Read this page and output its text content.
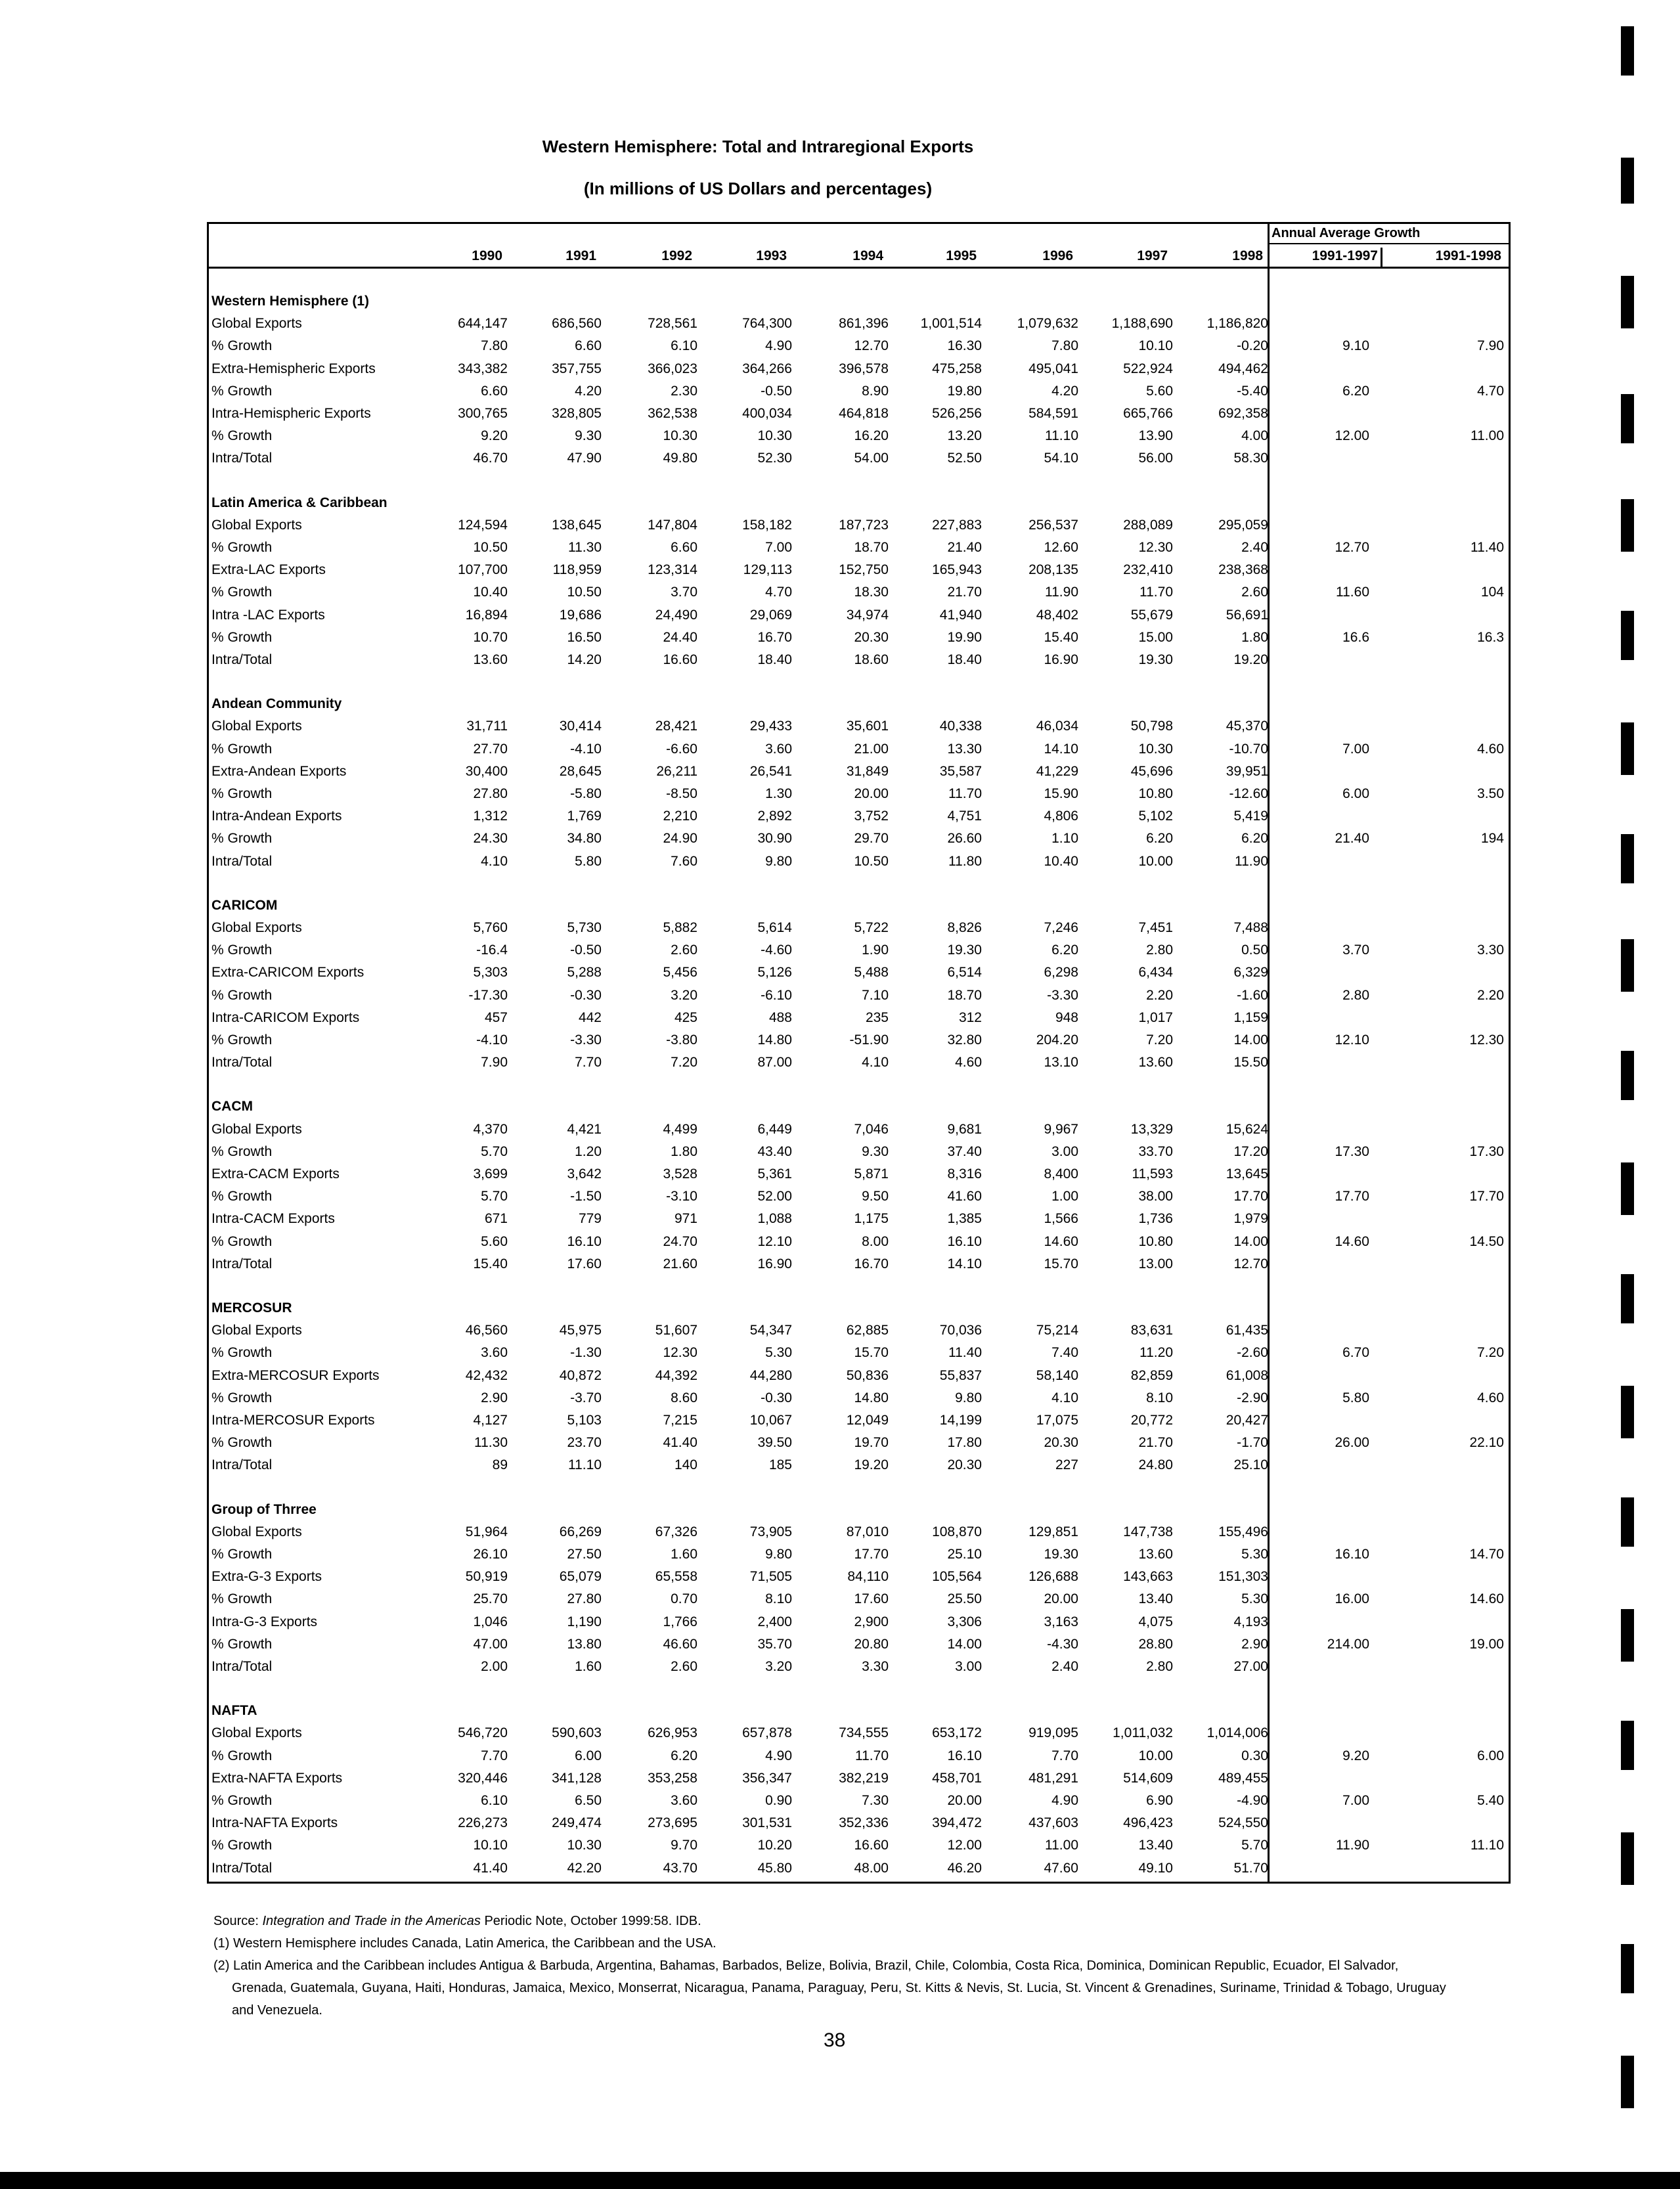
Western Hemisphere: Total and Intraregional Exports
(In millions of US Dollars and percentages)
Annual Average Growth
1990	1991	1992	1993	1994	1995	1996	1997	1998	1991-1997	1991-1998
Western Hemisphere (1)
Global Exports	644,147	686,560	728,561	764,300	861,396	1,001,514	1,079,632	1,188,690	1,186,820
% Growth	7.80	6.60	6.10	4.90	12.70	16.30	7.80	10.10	-0.20	9.10	7.90
Extra-Hemispheric Exports	343,382	357,755	366,023	364,266	396,578	475,258	495,041	522,924	494,462
% Growth	6.60	4.20	2.30	-0.50	8.90	19.80	4.20	5.60	-5.40	6.20	4.70
Intra-Hemispheric Exports	300,765	328,805	362,538	400,034	464,818	526,256	584,591	665,766	692,358
% Growth	9.20	9.30	10.30	10.30	16.20	13.20	11.10	13.90	4.00	12.00	11.00
Intra/Total	46.70	47.90	49.80	52.30	54.00	52.50	54.10	56.00	58.30
Latin America & Caribbean
Global Exports	124,594	138,645	147,804	158,182	187,723	227,883	256,537	288,089	295,059
% Growth	10.50	11.30	6.60	7.00	18.70	21.40	12.60	12.30	2.40	12.70	11.40
Extra-LAC Exports	107,700	118,959	123,314	129,113	152,750	165,943	208,135	232,410	238,368
% Growth	10.40	10.50	3.70	4.70	18.30	21.70	11.90	11.70	2.60	11.60	104
Intra -LAC Exports	16,894	19,686	24,490	29,069	34,974	41,940	48,402	55,679	56,691
% Growth	10.70	16.50	24.40	16.70	20.30	19.90	15.40	15.00	1.80	16.6	16.3
Intra/Total	13.60	14.20	16.60	18.40	18.60	18.40	16.90	19.30	19.20
Andean Community
Global Exports	31,711	30,414	28,421	29,433	35,601	40,338	46,034	50,798	45,370
% Growth	27.70	-4.10	-6.60	3.60	21.00	13.30	14.10	10.30	-10.70	7.00	4.60
Extra-Andean Exports	30,400	28,645	26,211	26,541	31,849	35,587	41,229	45,696	39,951
% Growth	27.80	-5.80	-8.50	1.30	20.00	11.70	15.90	10.80	-12.60	6.00	3.50
Intra-Andean Exports	1,312	1,769	2,210	2,892	3,752	4,751	4,806	5,102	5,419
% Growth	24.30	34.80	24.90	30.90	29.70	26.60	1.10	6.20	6.20	21.40	194
Intra/Total	4.10	5.80	7.60	9.80	10.50	11.80	10.40	10.00	11.90
CARICOM
Global Exports	5,760	5,730	5,882	5,614	5,722	8,826	7,246	7,451	7,488
% Growth	-16.4	-0.50	2.60	-4.60	1.90	19.30	6.20	2.80	0.50	3.70	3.30
Extra-CARICOM Exports	5,303	5,288	5,456	5,126	5,488	6,514	6,298	6,434	6,329
% Growth	-17.30	-0.30	3.20	-6.10	7.10	18.70	-3.30	2.20	-1.60	2.80	2.20
Intra-CARICOM Exports	457	442	425	488	235	312	948	1,017	1,159
% Growth	-4.10	-3.30	-3.80	14.80	-51.90	32.80	204.20	7.20	14.00	12.10	12.30
Intra/Total	7.90	7.70	7.20	87.00	4.10	4.60	13.10	13.60	15.50
CACM
Global Exports	4,370	4,421	4,499	6,449	7,046	9,681	9,967	13,329	15,624
% Growth	5.70	1.20	1.80	43.40	9.30	37.40	3.00	33.70	17.20	17.30	17.30
Extra-CACM Exports	3,699	3,642	3,528	5,361	5,871	8,316	8,400	11,593	13,645
% Growth	5.70	-1.50	-3.10	52.00	9.50	41.60	1.00	38.00	17.70	17.70	17.70
Intra-CACM Exports	671	779	971	1,088	1,175	1,385	1,566	1,736	1,979
% Growth	5.60	16.10	24.70	12.10	8.00	16.10	14.60	10.80	14.00	14.60	14.50
Intra/Total	15.40	17.60	21.60	16.90	16.70	14.10	15.70	13.00	12.70
MERCOSUR
Global Exports	46,560	45,975	51,607	54,347	62,885	70,036	75,214	83,631	61,435
% Growth	3.60	-1.30	12.30	5.30	15.70	11.40	7.40	11.20	-2.60	6.70	7.20
Extra-MERCOSUR Exports	42,432	40,872	44,392	44,280	50,836	55,837	58,140	82,859	61,008
% Growth	2.90	-3.70	8.60	-0.30	14.80	9.80	4.10	8.10	-2.90	5.80	4.60
Intra-MERCOSUR Exports	4,127	5,103	7,215	10,067	12,049	14,199	17,075	20,772	20,427
% Growth	11.30	23.70	41.40	39.50	19.70	17.80	20.30	21.70	-1.70	26.00	22.10
Intra/Total	89	11.10	140	185	19.20	20.30	227	24.80	25.10
Group of Thrree
Global Exports	51,964	66,269	67,326	73,905	87,010	108,870	129,851	147,738	155,496
% Growth	26.10	27.50	1.60	9.80	17.70	25.10	19.30	13.60	5.30	16.10	14.70
Extra-G-3 Exports	50,919	65,079	65,558	71,505	84,110	105,564	126,688	143,663	151,303
% Growth	25.70	27.80	0.70	8.10	17.60	25.50	20.00	13.40	5.30	16.00	14.60
Intra-G-3 Exports	1,046	1,190	1,766	2,400	2,900	3,306	3,163	4,075	4,193
% Growth	47.00	13.80	46.60	35.70	20.80	14.00	-4.30	28.80	2.90	214.00	19.00
Intra/Total	2.00	1.60	2.60	3.20	3.30	3.00	2.40	2.80	27.00
NAFTA
Global Exports	546,720	590,603	626,953	657,878	734,555	653,172	919,095	1,011,032	1,014,006
% Growth	7.70	6.00	6.20	4.90	11.70	16.10	7.70	10.00	0.30	9.20	6.00
Extra-NAFTA Exports	320,446	341,128	353,258	356,347	382,219	458,701	481,291	514,609	489,455
% Growth	6.10	6.50	3.60	0.90	7.30	20.00	4.90	6.90	-4.90	7.00	5.40
Intra-NAFTA Exports	226,273	249,474	273,695	301,531	352,336	394,472	437,603	496,423	524,550
% Growth	10.10	10.30	9.70	10.20	16.60	12.00	11.00	13.40	5.70	11.90	11.10
Intra/Total	41.40	42.20	43.70	45.80	48.00	46.20	47.60	49.10	51.70
Source: Integration and Trade in the Americas Periodic Note, October 1999:58. IDB.
(1) Western Hemisphere includes Canada, Latin America, the Caribbean and the USA.
(2) Latin America and the Caribbean includes Antigua & Barbuda, Argentina, Bahamas, Barbados, Belize, Bolivia, Brazil, Chile, Colombia, Costa Rica, Dominica, Dominican Republic, Ecuador, El Salvador, Grenada, Guatemala, Guyana, Haiti, Honduras, Jamaica, Mexico, Monserrat, Nicaragua, Panama, Paraguay, Peru, St. Kitts & Nevis, St. Lucia, St. Vincent & Grenadines, Suriname, Trinidad & Tobago, Uruguay and Venezuela.
38
